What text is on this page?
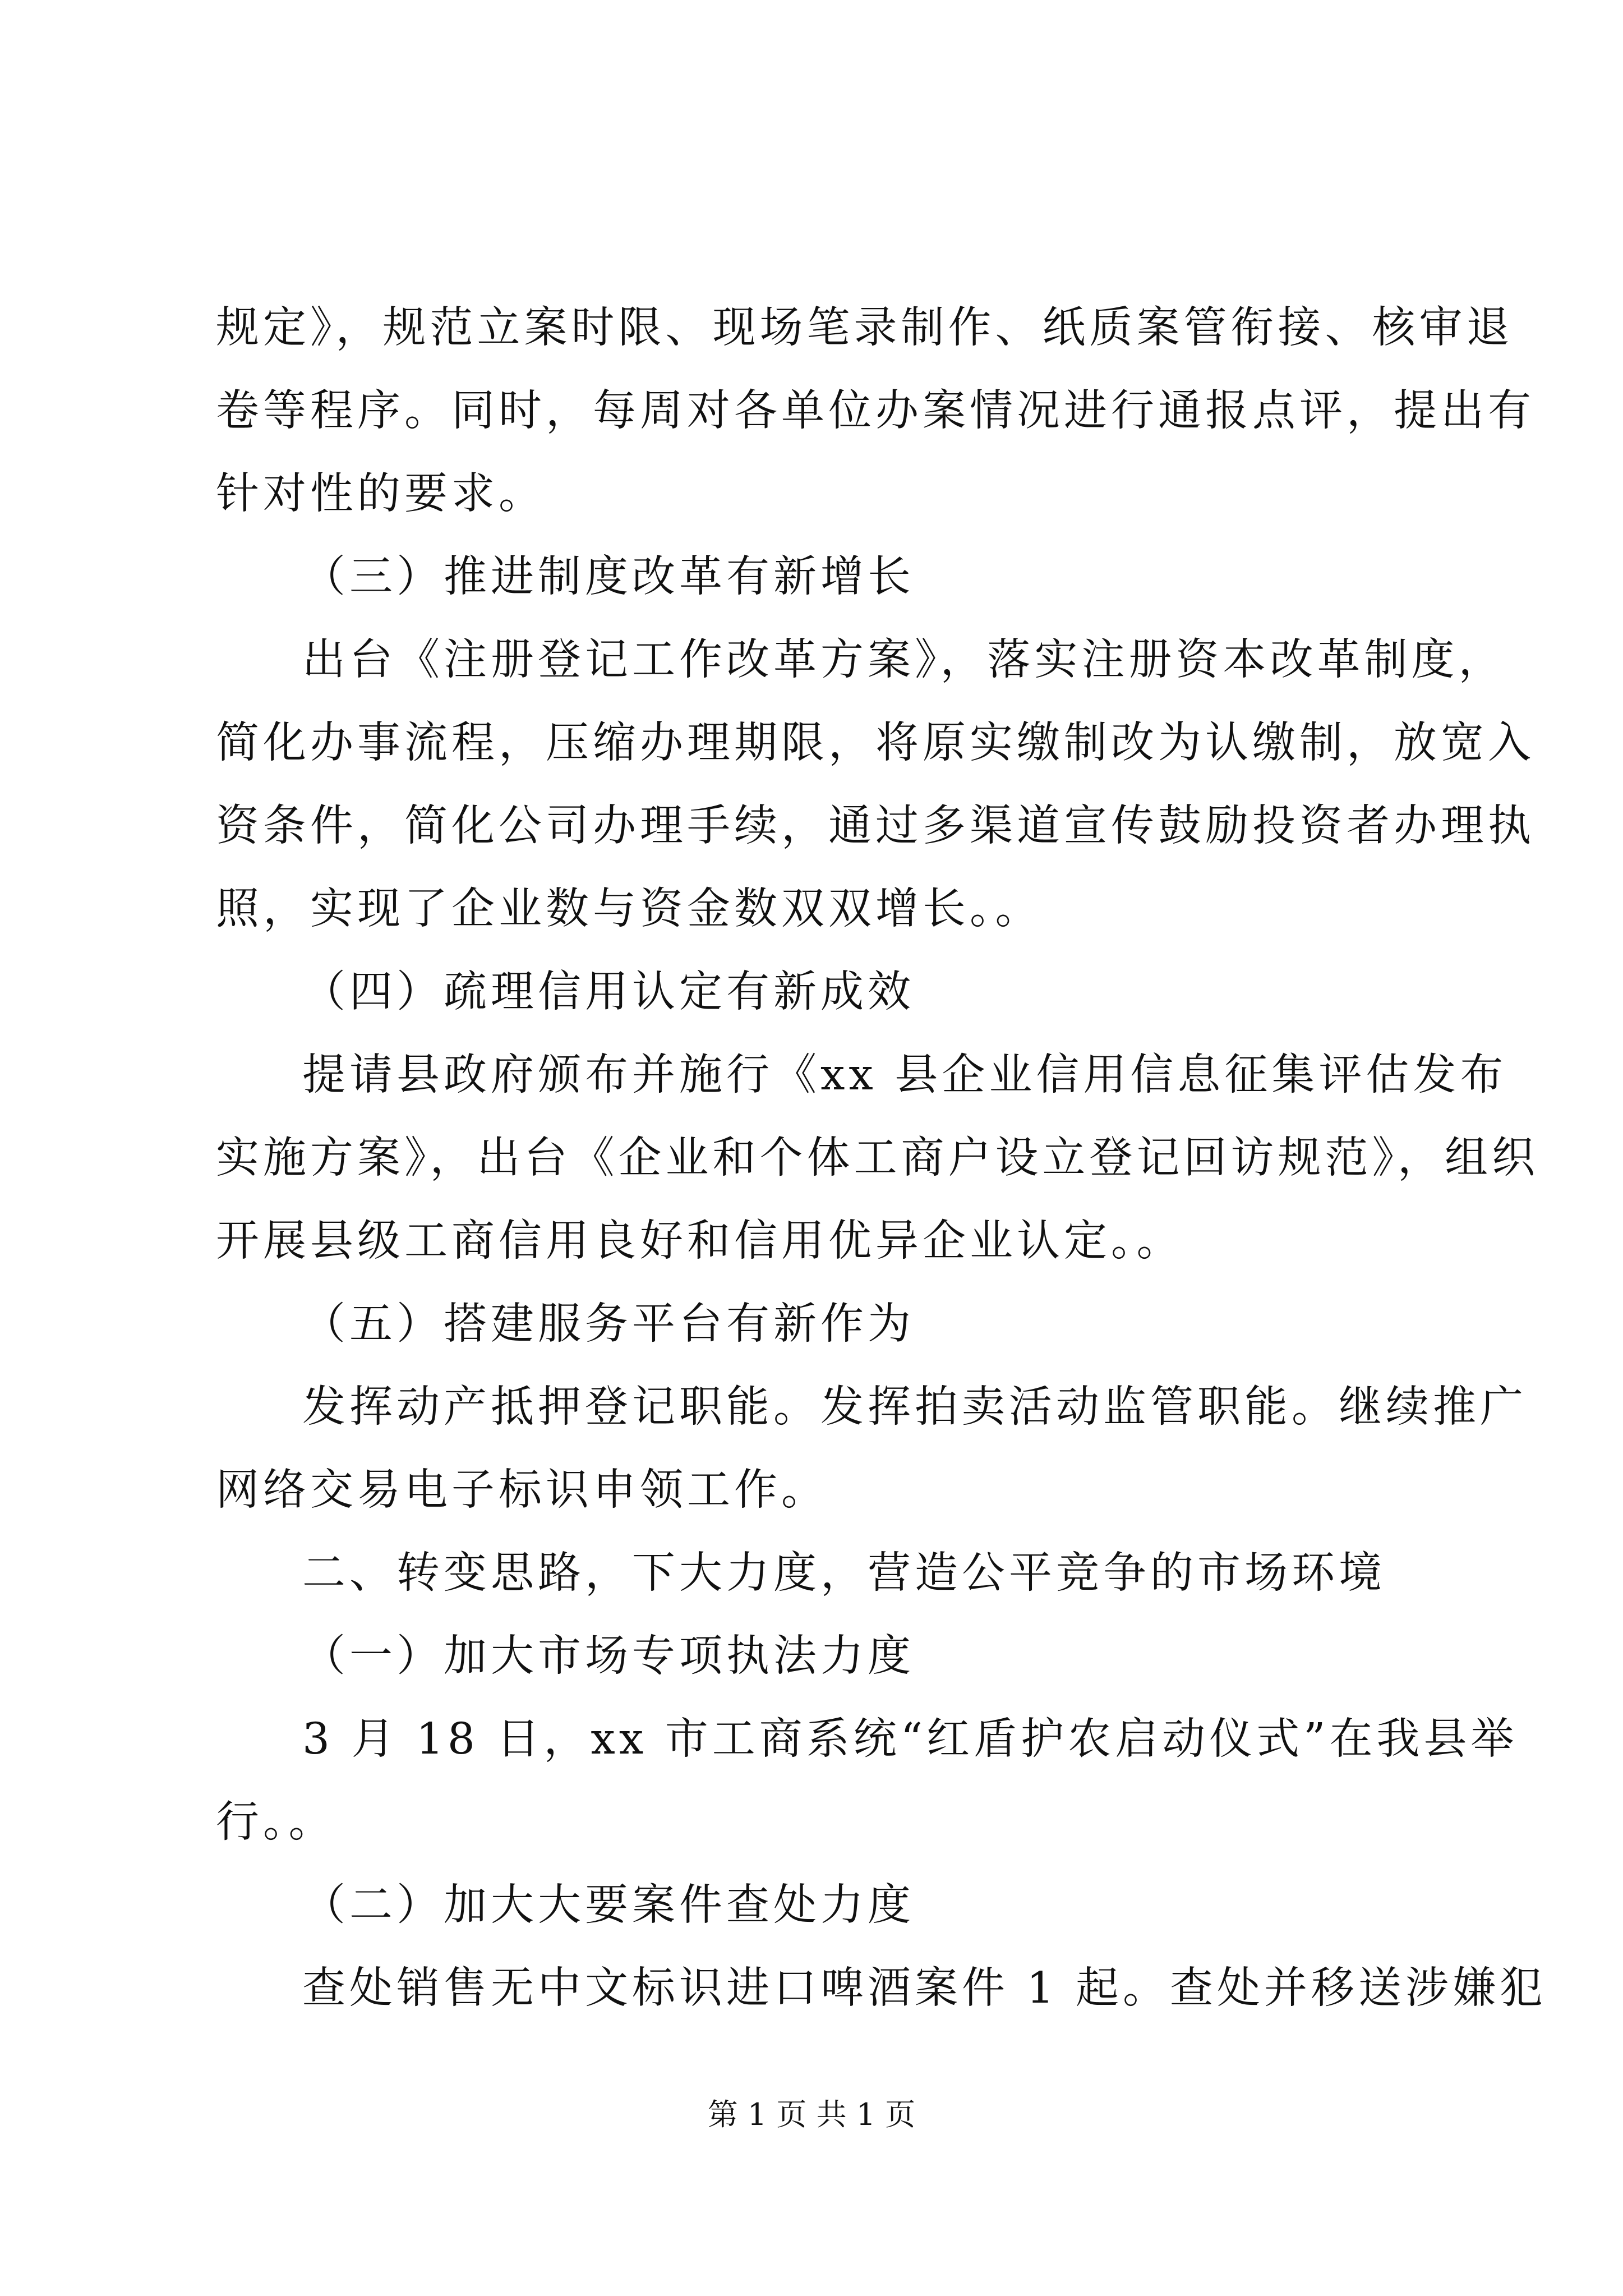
规定》，规范立案时限、现场笔录制作、纸质案管衔接、核审退
卷等程序。同时，每周对各单位办案情况进行通报点评，提出有
针对性的要求。
（三）推进制度改革有新增长
出台《注册登记工作改革方案》，落实注册资本改革制度，
简化办事流程，压缩办理期限，将原实缴制改为认缴制，放宽入
资条件，简化公司办理手续，通过多渠道宣传鼓励投资者办理执
照，实现了企业数与资金数双双增长。。
（四）疏理信用认定有新成效
提请县政府颁布并施行《xx 县企业信用信息征集评估发布
实施方案》，出台《企业和个体工商户设立登记回访规范》，组织
开展县级工商信用良好和信用优异企业认定。。
（五）搭建服务平台有新作为
发挥动产抵押登记职能。发挥拍卖活动监管职能。继续推广
网络交易电子标识申领工作。
二、转变思路，下大力度，营造公平竞争的市场环境
（一）加大市场专项执法力度
3 月 18 日，xx 市工商系统“红盾护农启动仪式”在我县举
行。。
（二）加大大要案件查处力度
查处销售无中文标识进口啤酒案件 1 起。查处并移送涉嫌犯
第 1 页 共 1 页
